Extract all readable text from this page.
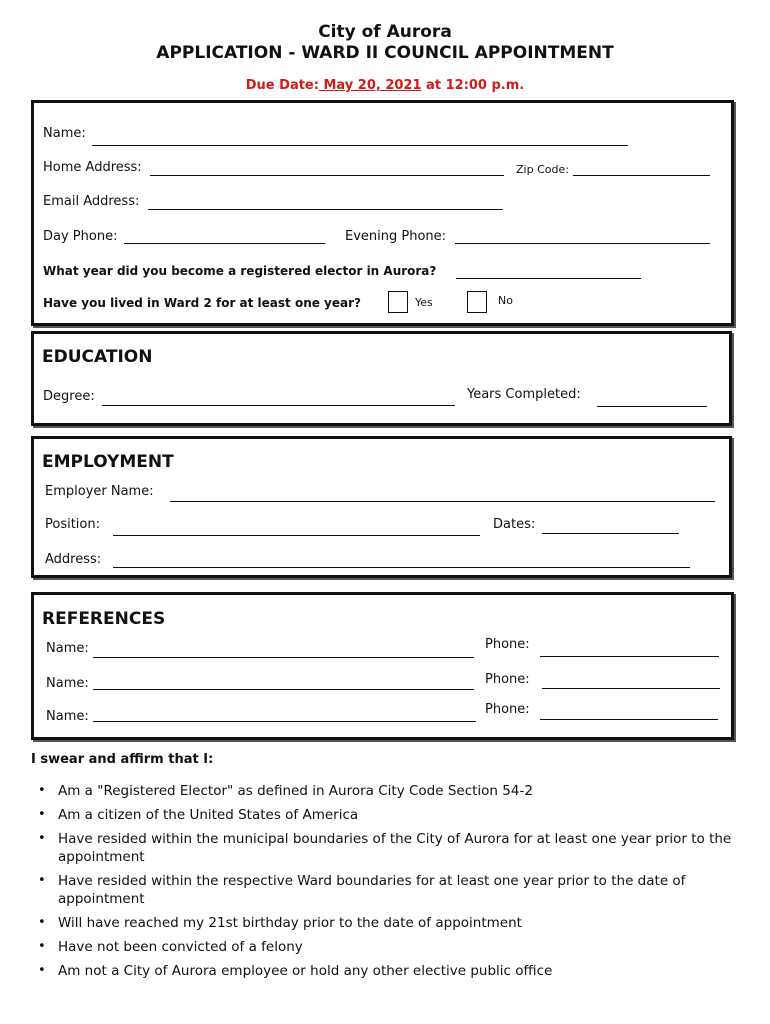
City of Aurora
APPLICATION - WARD II COUNCIL APPOINTMENT
Due Date: May 20, 2021 at 12:00 p.m.
Name:
Home Address:	Zip Code:
Email Address:
Day Phone:	Evening Phone:
What year did you become a registered elector in Aurora?
Have you lived in Ward 2 for at least one year?	Yes	No
EDUCATION
Degree:	Years Completed:
EMPLOYMENT
Employer Name:
Position:	Dates:
Address:
REFERENCES
Name:	Phone:
Name:	Phone:
Name:	Phone:
I swear and affirm that I:
• Am a "Registered Elector" as defined in Aurora City Code Section 54-2
• Am a citizen of the United States of America
• Have resided within the municipal boundaries of the City of Aurora for at least one year prior to the appointment
• Have resided within the respective Ward boundaries for at least one year prior to the date of appointment
• Will have reached my 21st birthday prior to the date of appointment
• Have not been convicted of a felony
• Am not a City of Aurora employee or hold any other elective public office
